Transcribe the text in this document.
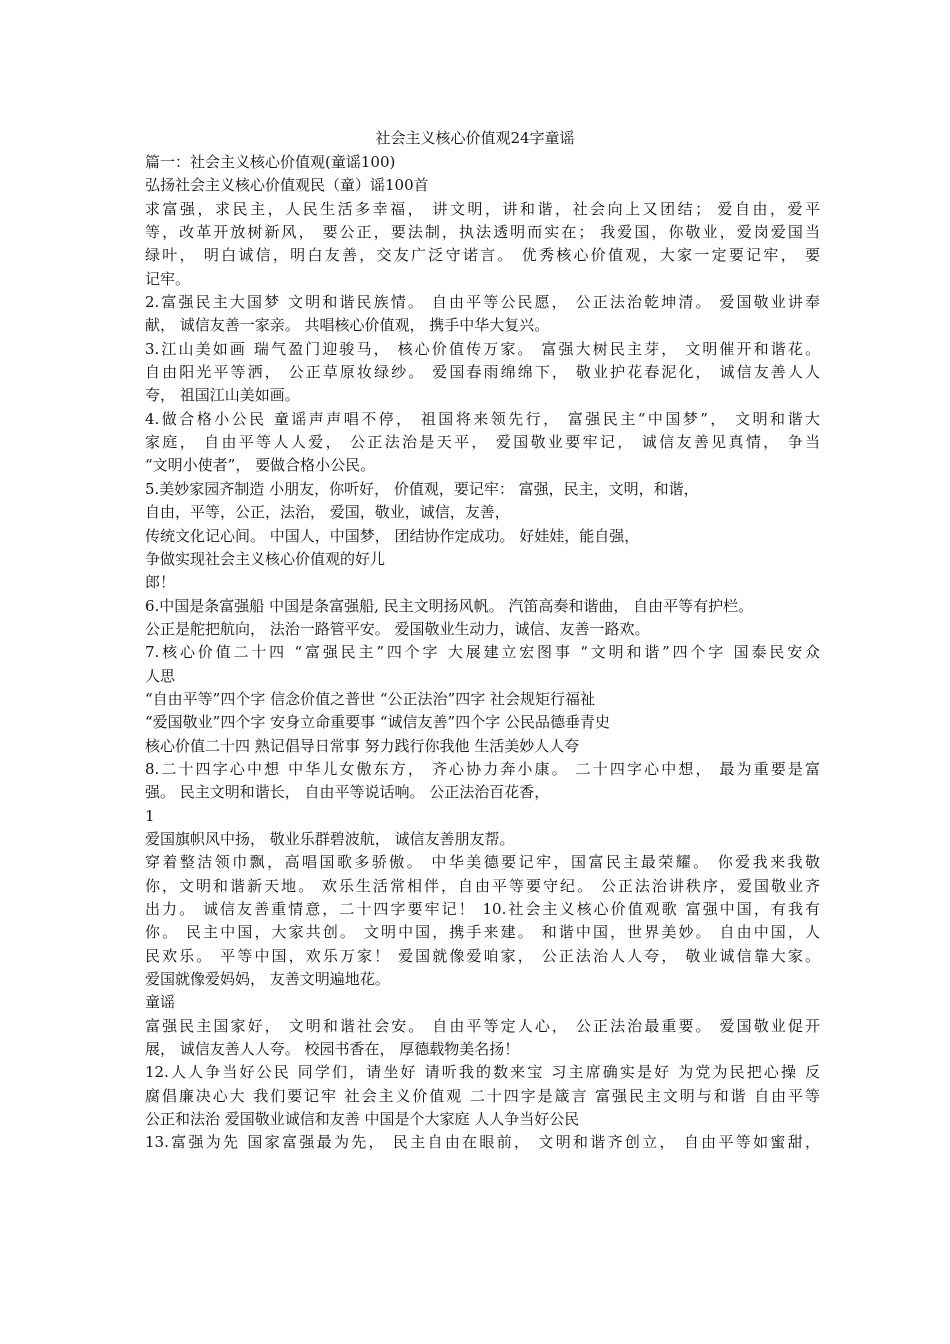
社会主义核心价值观24字童谣
篇一：社会主义核心价值观(童谣100)
弘扬社会主义核心价值观民（童）谣100首
求富强，求民主，人民生活多幸福， 讲文明，讲和谐，社会向上又团结； 爱自由，爱平
等，改革开放树新风， 要公正，要法制，执法透明而实在； 我爱国，你敬业，爱岗爱国当
绿叶， 明白诚信，明白友善，交友广泛守诺言。 优秀核心价值观，大家一定要记牢， 要
记牢。
2.富强民主大国梦 文明和谐民族情。 自由平等公民愿， 公正法治乾坤清。 爱国敬业讲奉
献， 诚信友善一家亲。 共唱核心价值观， 携手中华大复兴。
3.江山美如画 瑞气盈门迎骏马， 核心价值传万家。 富强大树民主芽， 文明催开和谐花。
自由阳光平等洒， 公正草原妆绿纱。 爱国春雨绵绵下， 敬业护花春泥化， 诚信友善人人
夸， 祖国江山美如画。
4.做合格小公民 童谣声声唱不停， 祖国将来领先行， 富强民主“中国梦”， 文明和谐大
家庭， 自由平等人人爱， 公正法治是天平， 爱国敬业要牢记， 诚信友善见真情， 争当
“文明小使者”， 要做合格小公民。
5.美妙家园齐制造 小朋友，你听好， 价值观，要记牢： 富强，民主，文明，和谐，
自由，平等，公正，法治， 爱国，敬业，诚信，友善，
传统文化记心间。 中国人，中国梦， 团结协作定成功。 好娃娃，能自强，
争做实现社会主义核心价值观的好儿
郎！
6.中国是条富强船 中国是条富强船, 民主文明扬风帆。 汽笛高奏和谐曲， 自由平等有护栏。
公正是舵把航向， 法治一路管平安。 爱国敬业生动力，诚信、友善一路欢。
7.核心价值二十四 “富强民主”四个字 大展建立宏图事 “文明和谐”四个字 国泰民安众
人思
“自由平等”四个字 信念价值之普世 “公正法治”四字 社会规矩行福祉
“爱国敬业”四个字 安身立命重要事 “诚信友善”四个字 公民品德垂青史
核心价值二十四 熟记倡导日常事 努力践行你我他 生活美妙人人夸
8.二十四字心中想 中华儿女傲东方， 齐心协力奔小康。 二十四字心中想， 最为重要是富
强。 民主文明和谐长， 自由平等说话响。 公正法治百花香，
1
爱国旗帜风中扬， 敬业乐群碧波航， 诚信友善朋友帮。
穿着整洁领巾飘，高唱国歌多骄傲。 中华美德要记牢，国富民主最荣耀。 你爱我来我敬
你，文明和谐新天地。 欢乐生活常相伴，自由平等要守纪。 公正法治讲秩序，爱国敬业齐
出力。 诚信友善重情意，二十四字要牢记！ 10.社会主义核心价值观歌 富强中国，有我有
你。 民主中国，大家共创。 文明中国，携手来建。 和谐中国，世界美妙。 自由中国，人
民欢乐。 平等中国，欢乐万家！ 爱国就像爱咱家， 公正法治人人夸， 敬业诚信靠大家。
爱国就像爱妈妈， 友善文明遍地花。
童谣
富强民主国家好， 文明和谐社会安。 自由平等定人心， 公正法治最重要。 爱国敬业促开
展， 诚信友善人人夸。 校园书香在， 厚德载物美名扬！
12.人人争当好公民 同学们，请坐好 请听我的数来宝 习主席确实是好 为党为民把心操 反
腐倡廉决心大 我们要记牢 社会主义价值观 二十四字是箴言 富强民主文明与和谐 自由平等
公正和法治 爱国敬业诚信和友善 中国是个大家庭 人人争当好公民
13.富强为先 国家富强最为先， 民主自由在眼前， 文明和谐齐创立， 自由平等如蜜甜，
